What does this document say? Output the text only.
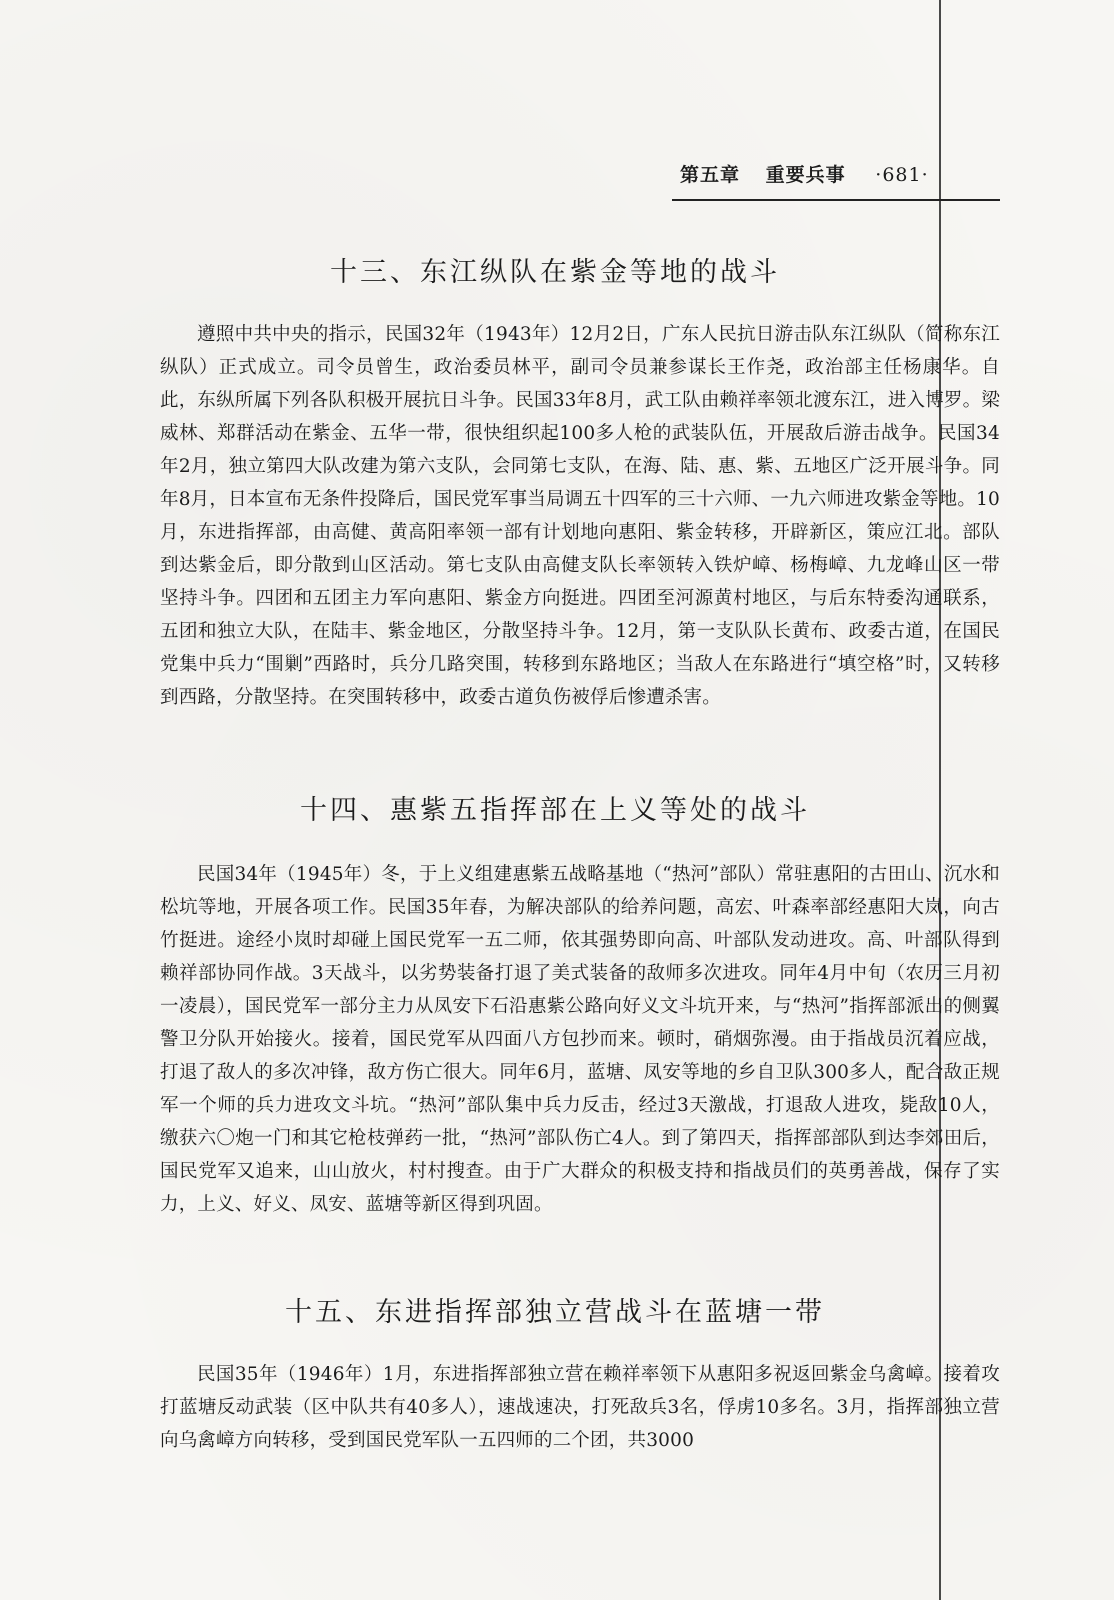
第五章 重要兵事 ·681·
十三、东江纵队在紫金等地的战斗

遵照中共中央的指示，民国32年（1943年）12月2日，广东人民抗日游击队东江纵队（简称东江纵队）正式成立。司令员曾生，政治委员林平，副司令员兼参谋长王作尧，政治部主任杨康华。自此，东纵所属下列各队积极开展抗日斗争。民国33年8月，武工队由赖祥率领北渡东江，进入博罗。梁威林、郑群活动在紫金、五华一带，很快组织起100多人枪的武装队伍，开展敌后游击战争。民国34年2月，独立第四大队改建为第六支队，会同第七支队，在海、陆、惠、紫、五地区广泛开展斗争。同年8月，日本宣布无条件投降后，国民党军事当局调五十四军的三十六师、一九六师进攻紫金等地。10月，东进指挥部，由高健、黄高阳率领一部有计划地向惠阳、紫金转移，开辟新区，策应江北。部队到达紫金后，即分散到山区活动。第七支队由高健支队长率领转入铁炉嶂、杨梅嶂、九龙峰山区一带坚持斗争。四团和五团主力军向惠阳、紫金方向挺进。四团至河源黄村地区，与后东特委沟通联系，五团和独立大队，在陆丰、紫金地区，分散坚持斗争。12月，第一支队队长黄布、政委古道，在国民党集中兵力“围剿”西路时，兵分几路突围，转移到东路地区；当敌人在东路进行“填空格”时，又转移到西路，分散坚持。在突围转移中，政委古道负伤被俘后惨遭杀害。

十四、惠紫五指挥部在上义等处的战斗

民国34年（1945年）冬，于上义组建惠紫五战略基地（“热河”部队）常驻惠阳的古田山、沉水和松坑等地，开展各项工作。民国35年春，为解决部队的给养问题，高宏、叶森率部经惠阳大岚，向古竹挺进。途经小岚时却碰上国民党军一五二师，依其强势即向高、叶部队发动进攻。高、叶部队得到赖祥部协同作战。3天战斗，以劣势装备打退了美式装备的敌师多次进攻。同年4月中旬（农历三月初一凌晨），国民党军一部分主力从凤安下石沿惠紫公路向好义文斗坑开来，与“热河”指挥部派出的侧翼警卫分队开始接火。接着，国民党军从四面八方包抄而来。顿时，硝烟弥漫。由于指战员沉着应战，打退了敌人的多次冲锋，敌方伤亡很大。同年6月，蓝塘、凤安等地的乡自卫队300多人，配合敌正规军一个师的兵力进攻文斗坑。“热河”部队集中兵力反击，经过3天激战，打退敌人进攻，毙敌10人，缴获六〇炮一门和其它枪枝弹药一批，“热河”部队伤亡4人。到了第四天，指挥部部队到达李郊田后，国民党军又追来，山山放火，村村搜查。由于广大群众的积极支持和指战员们的英勇善战，保存了实力，上义、好义、凤安、蓝塘等新区得到巩固。

十五、东进指挥部独立营战斗在蓝塘一带

民国35年（1946年）1月，东进指挥部独立营在赖祥率领下从惠阳多祝返回紫金乌禽嶂。接着攻打蓝塘反动武装（区中队共有40多人），速战速决，打死敌兵3名，俘虏10多名。3月，指挥部独立营向乌禽嶂方向转移，受到国民党军队一五四师的二个团，共3000
